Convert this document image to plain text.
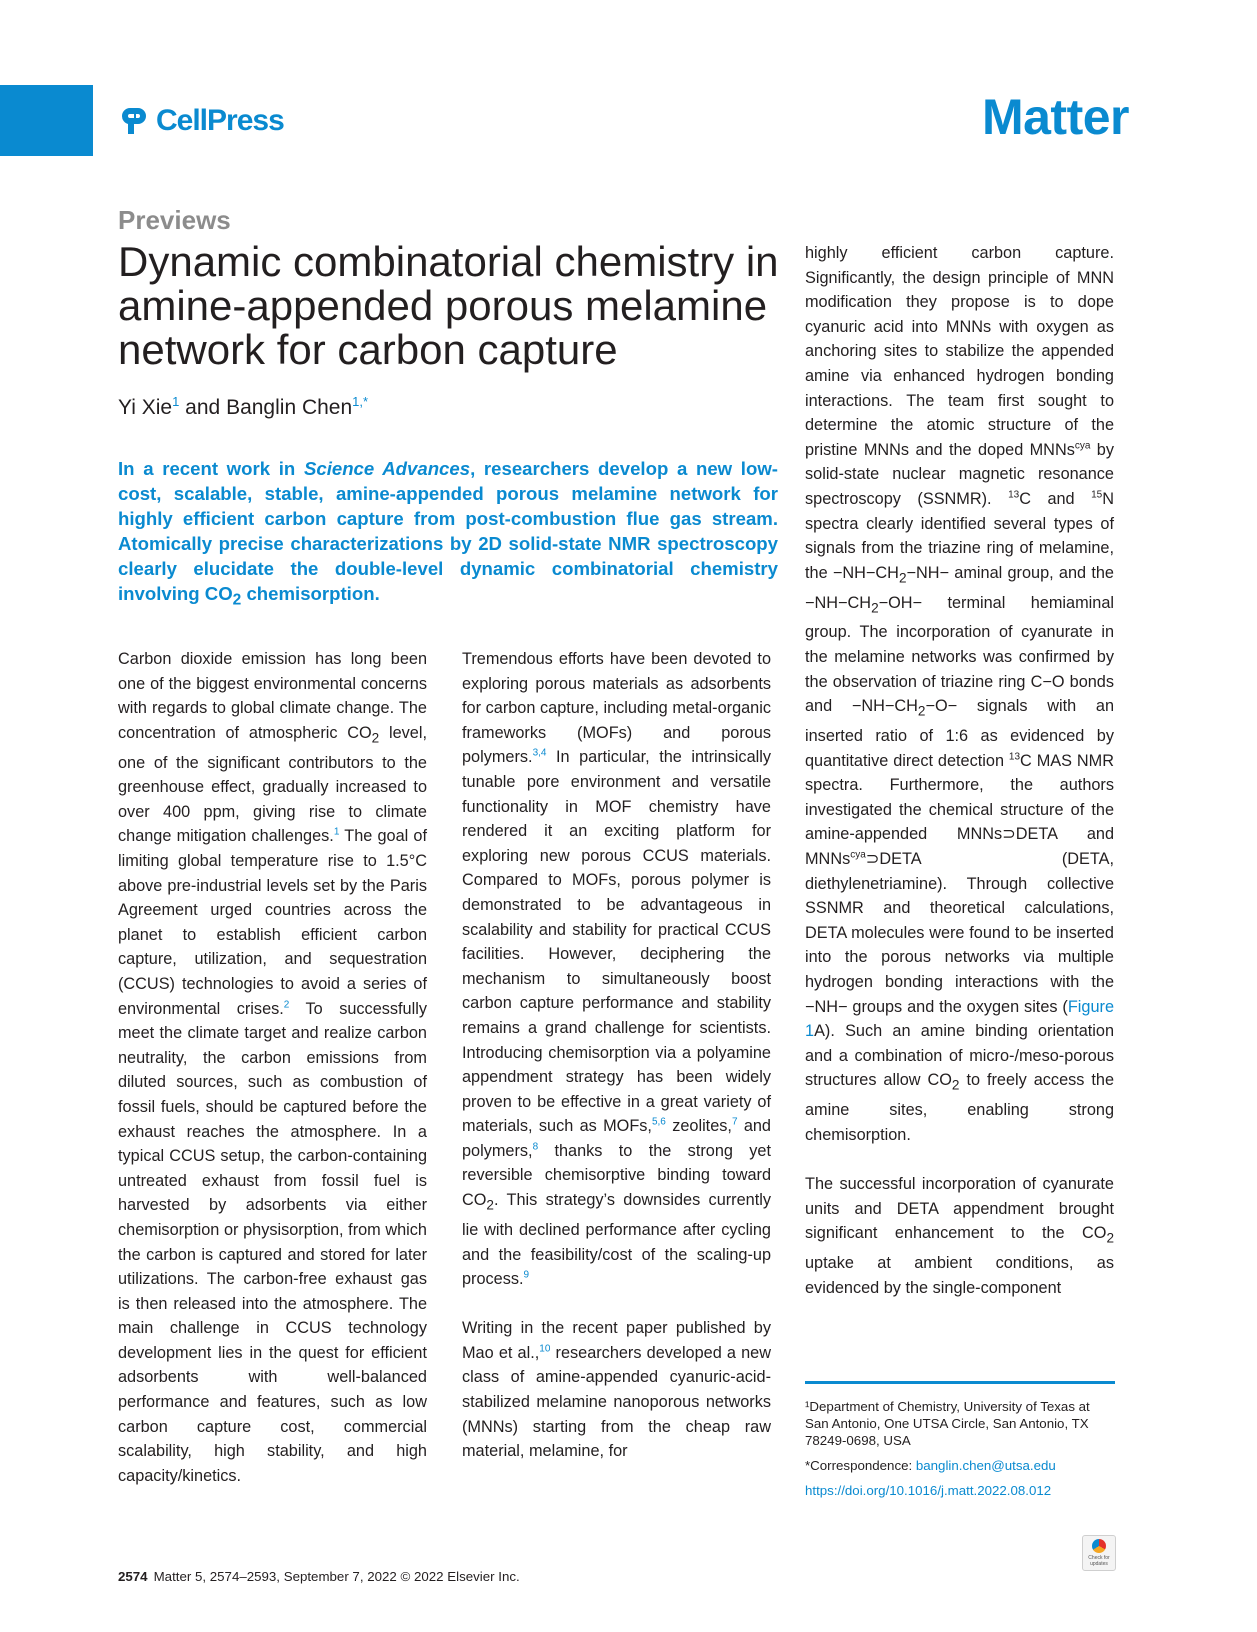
CellPress	Matter
Previews
Dynamic combinatorial chemistry in amine-appended porous melamine network for carbon capture
Yi Xie$^1$ and Banglin Chen$^{1,*}$
In a recent work in Science Advances, researchers develop a new low-cost, scalable, stable, amine-appended porous melamine network for highly efficient carbon capture from post-combustion flue gas stream. Atomically precise characterizations by 2D solid-state NMR spectroscopy clearly elucidate the double-level dynamic combinatorial chemistry involving $CO_2$ chemisorption.

Carbon dioxide emission has long been one of the biggest environmental concerns with regards to global climate change. The concentration of atmospheric $CO_2$ level, one of the significant contributors to the greenhouse effect, gradually increased to over 400 ppm, giving rise to climate change mitigation challenges.$^1$ The goal of limiting global temperature rise to 1.5°C above pre-industrial levels set by the Paris Agreement urged countries across the planet to establish efficient carbon capture, utilization, and sequestration (CCUS) technologies to avoid a series of environmental crises.$^2$ To successfully meet the climate target and realize carbon neutrality, the carbon emissions from diluted sources, such as combustion of fossil fuels, should be captured before the exhaust reaches the atmosphere. In a typical CCUS setup, the carbon-containing untreated exhaust from fossil fuel is harvested by adsorbents via either chemisorption or physisorption, from which the carbon is captured and stored for later utilizations. The carbon-free exhaust gas is then released into the atmosphere. The main challenge in CCUS technology development lies in the quest for efficient adsorbents with well-balanced performance and features, such as low carbon capture cost, commercial scalability, high stability, and high capacity/kinetics.

Tremendous efforts have been devoted to exploring porous materials as adsorbents for carbon capture, including metal-organic frameworks (MOFs) and porous polymers.$^{3,4}$ In particular, the intrinsically tunable pore environment and versatile functionality in MOF chemistry have rendered it an exciting platform for exploring new porous CCUS materials. Compared to MOFs, porous polymer is demonstrated to be advantageous in scalability and stability for practical CCUS facilities. However, deciphering the mechanism to simultaneously boost carbon capture performance and stability remains a grand challenge for scientists. Introducing chemisorption via a polyamine appendment strategy has been widely proven to be effective in a great variety of materials, such as MOFs,$^{5,6}$ zeolites,$^7$ and polymers,$^8$ thanks to the strong yet reversible chemisorptive binding toward $CO_2$. This strategy’s downsides currently lie with declined performance after cycling and the feasibility/cost of the scaling-up process.$^9$

Writing in the recent paper published by Mao et al.,$^{10}$ researchers developed a new class of amine-appended cyanuric-acid-stabilized melamine nanoporous networks (MNNs) starting from the cheap raw material, melamine, for

highly efficient carbon capture. Significantly, the design principle of MNN modification they propose is to dope cyanuric acid into MNNs with oxygen as anchoring sites to stabilize the appended amine via enhanced hydrogen bonding interactions. The team first sought to determine the atomic structure of the pristine MNNs and the doped MNNs$^{cya}$ by solid-state nuclear magnetic resonance spectroscopy (SSNMR). $^{13}$C and $^{15}$N spectra clearly identified several types of signals from the triazine ring of melamine, the $-NH-CH_2-NH-$ aminal group, and the $-NH-CH_2-OH-$ terminal hemiaminal group. The incorporation of cyanurate in the melamine networks was confirmed by the observation of triazine ring C−O bonds and $-NH-CH_2-O-$ signals with an inserted ratio of 1:6 as evidenced by quantitative direct detection $^{13}$C MAS NMR spectra. Furthermore, the authors investigated the chemical structure of the amine-appended MNNs⊃DETA and MNNs$^{cya}$⊃DETA (DETA, diethylenetriamine). Through collective SSNMR and theoretical calculations, DETA molecules were found to be inserted into the porous networks via multiple hydrogen bonding interactions with the −NH− groups and the oxygen sites (Figure 1A). Such an amine binding orientation and a combination of micro-/meso-porous structures allow $CO_2$ to freely access the amine sites, enabling strong chemisorption.

The successful incorporation of cyanurate units and DETA appendment brought significant enhancement to the $CO_2$ uptake at ambient conditions, as evidenced by the single-component

¹Department of Chemistry, University of Texas at San Antonio, One UTSA Circle, San Antonio, TX 78249-0698, USA

*Correspondence: banglin.chen@utsa.edu

https://doi.org/10.1016/j.matt.2022.08.012

2574 Matter 5, 2574–2593, September 7, 2022 © 2022 Elsevier Inc.
Check for updates
